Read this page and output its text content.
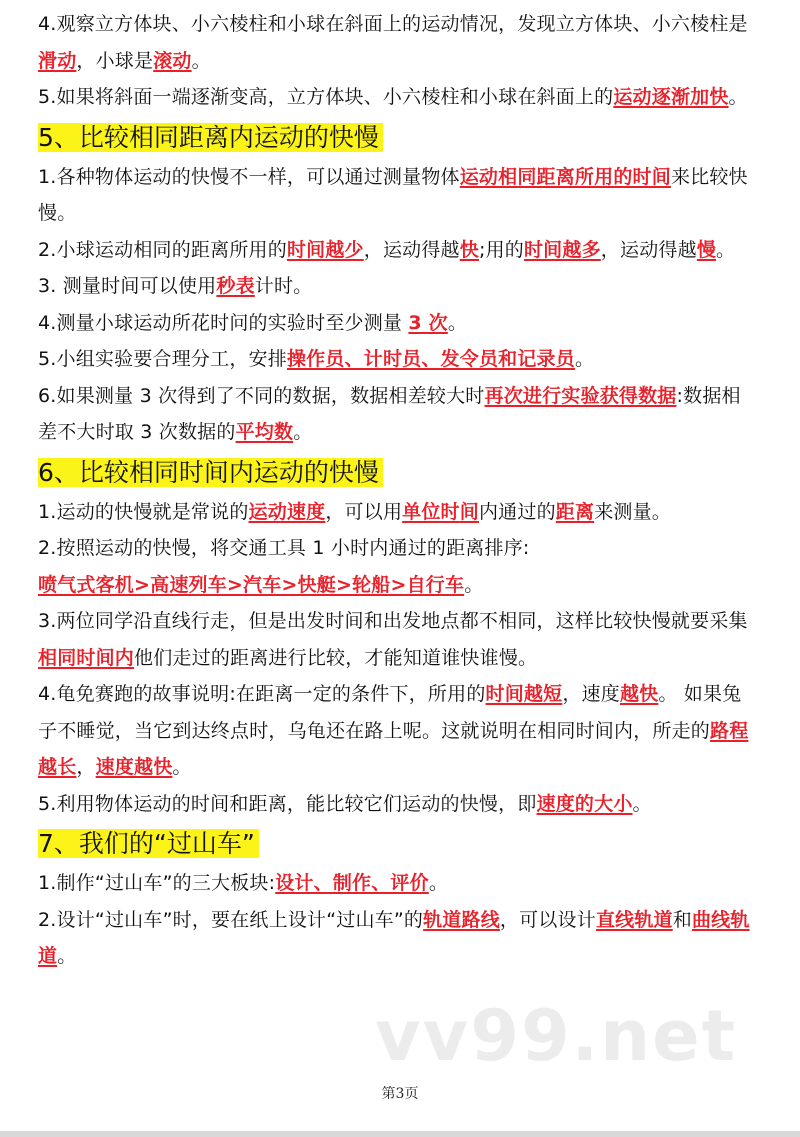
4.观察立方体块、小六棱柱和小球在斜面上的运动情况，发现立方体块、小六棱柱是滑动，小球是滚动。

5.如果将斜面一端逐渐变高，立方体块、小六棱柱和小球在斜面上的运动逐渐加快。

5、比较相同距离内运动的快慢

1.各种物体运动的快慢不一样，可以通过测量物体运动相同距离所用的时间来比较快慢。

2.小球运动相同的距离所用的时间越少，运动得越快;用的时间越多，运动得越慢。

3. 测量时间可以使用秒表计时。

4.测量小球运动所花时问的实验时至少测量 3 次。

5.小组实验要合理分工，安排操作员、计时员、发令员和记录员。

6.如果测量 3 次得到了不同的数据，数据相差较大时再次进行实验获得数据:数据相差不大时取 3 次数据的平均数。

6、比较相同时间内运动的快慢

1.运动的快慢就是常说的运动速度，可以用单位时间内通过的距离来测量。

2.按照运动的快慢，将交通工具 1 小时内通过的距离排序:

喷气式客机>高速列车>汽车>快艇>轮船>自行车。

3.两位同学沿直线行走，但是出发时间和出发地点都不相同，这样比较快慢就要采集相同时间内他们走过的距离进行比较，才能知道谁快谁慢。

4.龟免赛跑的故事说明:在距离一定的条件下，所用的时间越短，速度越快。 如果兔子不睡觉，当它到达终点时，乌龟还在路上呢。这就说明在相同时间内，所走的路程越长，速度越快。

5.利用物体运动的时间和距离，能比较它们运动的快慢，即速度的大小。

7、我们的“过山车”

1.制作“过山车”的三大板块:设计、制作、评价。

2.设计“过山车”时，要在纸上设计“过山车”的轨道路线，可以设计直线轨道和曲线轨道。

vv99.net
第3页
